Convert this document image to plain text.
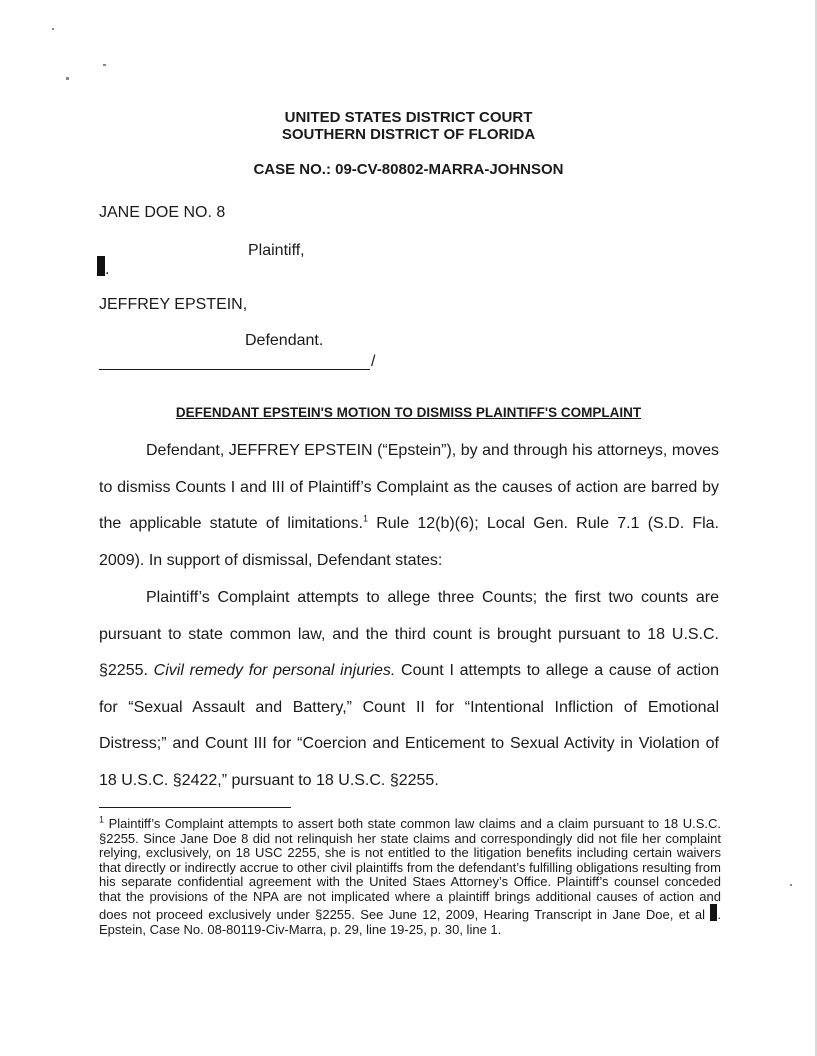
UNITED STATES DISTRICT COURT
SOUTHERN DISTRICT OF FLORIDA
CASE NO.: 09-CV-80802-MARRA-JOHNSON
JANE DOE NO. 8
Plaintiff,
.
JEFFREY EPSTEIN,
Defendant.
/
DEFENDANT EPSTEIN'S MOTION TO DISMISS PLAINTIFF'S COMPLAINT

Defendant, JEFFREY EPSTEIN (“Epstein”), by and through his attorneys, moves to dismiss Counts I and III of Plaintiff’s Complaint as the causes of action are barred by the applicable statute of limitations.$^1$ Rule 12(b)(6); Local Gen. Rule 7.1 (S.D. Fla. 2009). In support of dismissal, Defendant states:

Plaintiff’s Complaint attempts to allege three Counts; the first two counts are pursuant to state common law, and the third count is brought pursuant to 18 U.S.C. §2255. Civil remedy for personal injuries. Count I attempts to allege a cause of action for “Sexual Assault and Battery,” Count II for “Intentional Infliction of Emotional Distress;” and Count III for “Coercion and Enticement to Sexual Activity in Violation of 18 U.S.C. §2422,” pursuant to 18 U.S.C. §2255.

$^1$ Plaintiff’s Complaint attempts to assert both state common law claims and a claim pursuant to 18 U.S.C. §2255. Since Jane Doe 8 did not relinquish her state claims and correspondingly did not file her complaint relying, exclusively, on 18 USC 2255, she is not entitled to the litigation benefits including certain waivers that directly or indirectly accrue to other civil plaintiffs from the defendant’s fulfilling obligations resulting from his separate confidential agreement with the United Staes Attorney’s Office. Plaintiff’s counsel conceded that the provisions of the NPA are not implicated where a plaintiff brings additional causes of action and does not proceed exclusively under §2255. See June 12, 2009, Hearing Transcript in Jane Doe, et al . Epstein, Case No. 08-80119-Civ-Marra, p. 29, line 19-25, p. 30, line 1.
